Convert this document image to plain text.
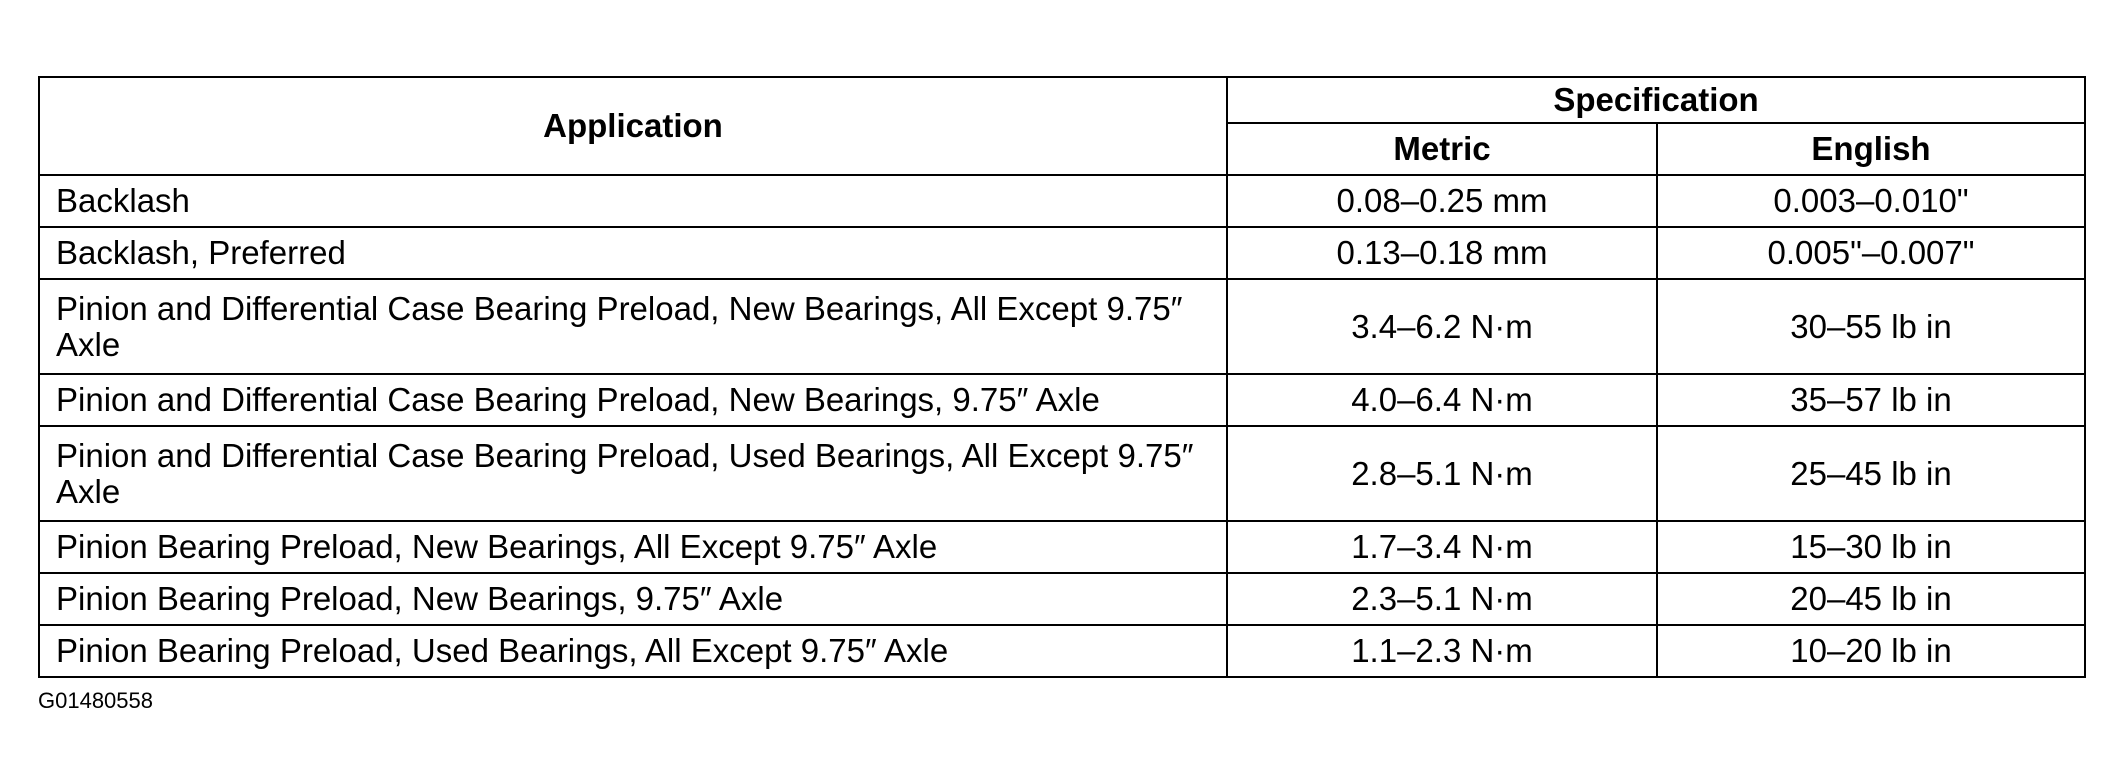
Application	Specification	
	Metric	English
Backlash	0.08–0.25 mm	0.003–0.010"
Backlash, Preferred	0.13–0.18 mm	0.005"–0.007"
Pinion and Differential Case Bearing Preload, New Bearings, All Except 9.75″ Axle	3.4–6.2 N·m	30–55 lb in
Pinion and Differential Case Bearing Preload, New Bearings, 9.75″ Axle	4.0–6.4 N·m	35–57 lb in
Pinion and Differential Case Bearing Preload, Used Bearings, All Except 9.75″ Axle	2.8–5.1 N·m	25–45 lb in
Pinion Bearing Preload, New Bearings, All Except 9.75″ Axle	1.7–3.4 N·m	15–30 lb in
Pinion Bearing Preload, New Bearings, 9.75″ Axle	2.3–5.1 N·m	20–45 lb in
Pinion Bearing Preload, Used Bearings, All Except 9.75″ Axle	1.1–2.3 N·m	10–20 lb in
G01480558
